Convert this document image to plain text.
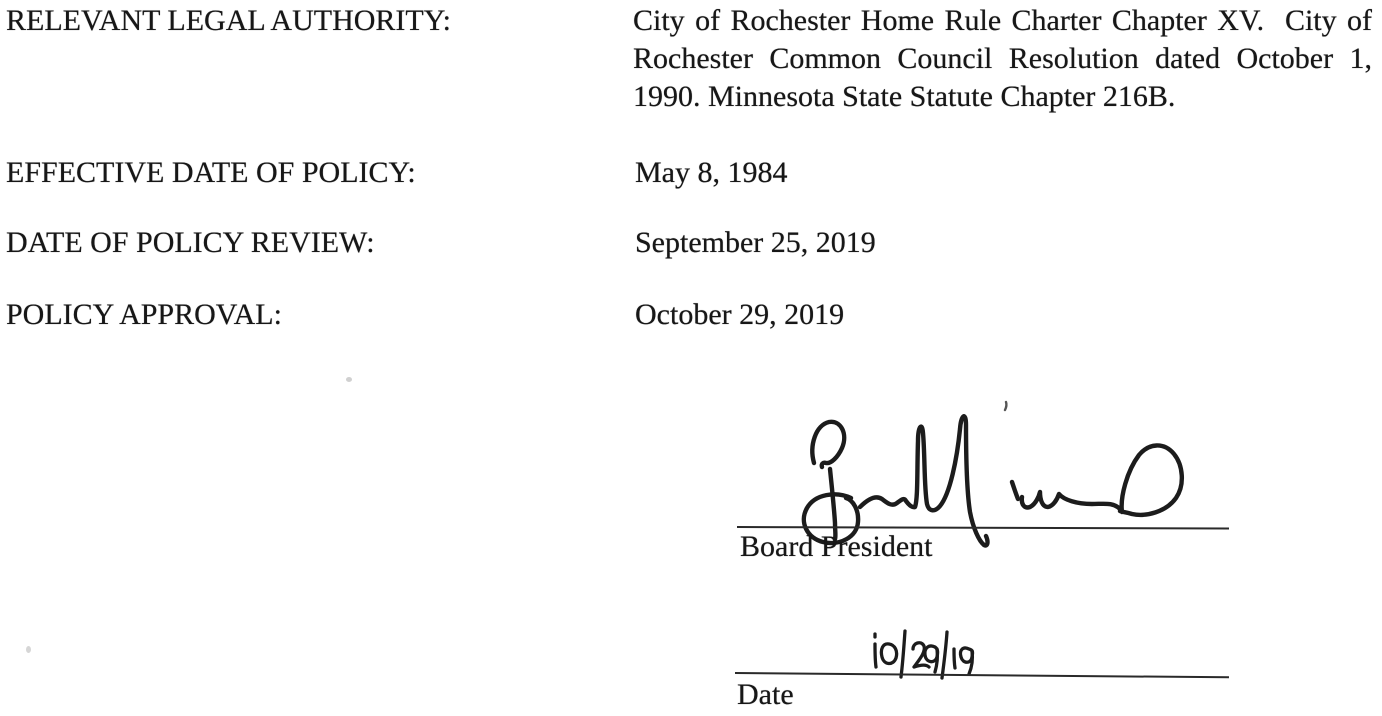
RELEVANT LEGAL AUTHORITY:	City of Rochester Home Rule Charter Chapter XV.  City of Rochester Common Council Resolution dated October 1, 1990. Minnesota State Statute Chapter 216B.
EFFECTIVE DATE OF POLICY:	May 8, 1984
DATE OF POLICY REVIEW:	September 25, 2019
POLICY APPROVAL:	October 29, 2019
Board President
Date
